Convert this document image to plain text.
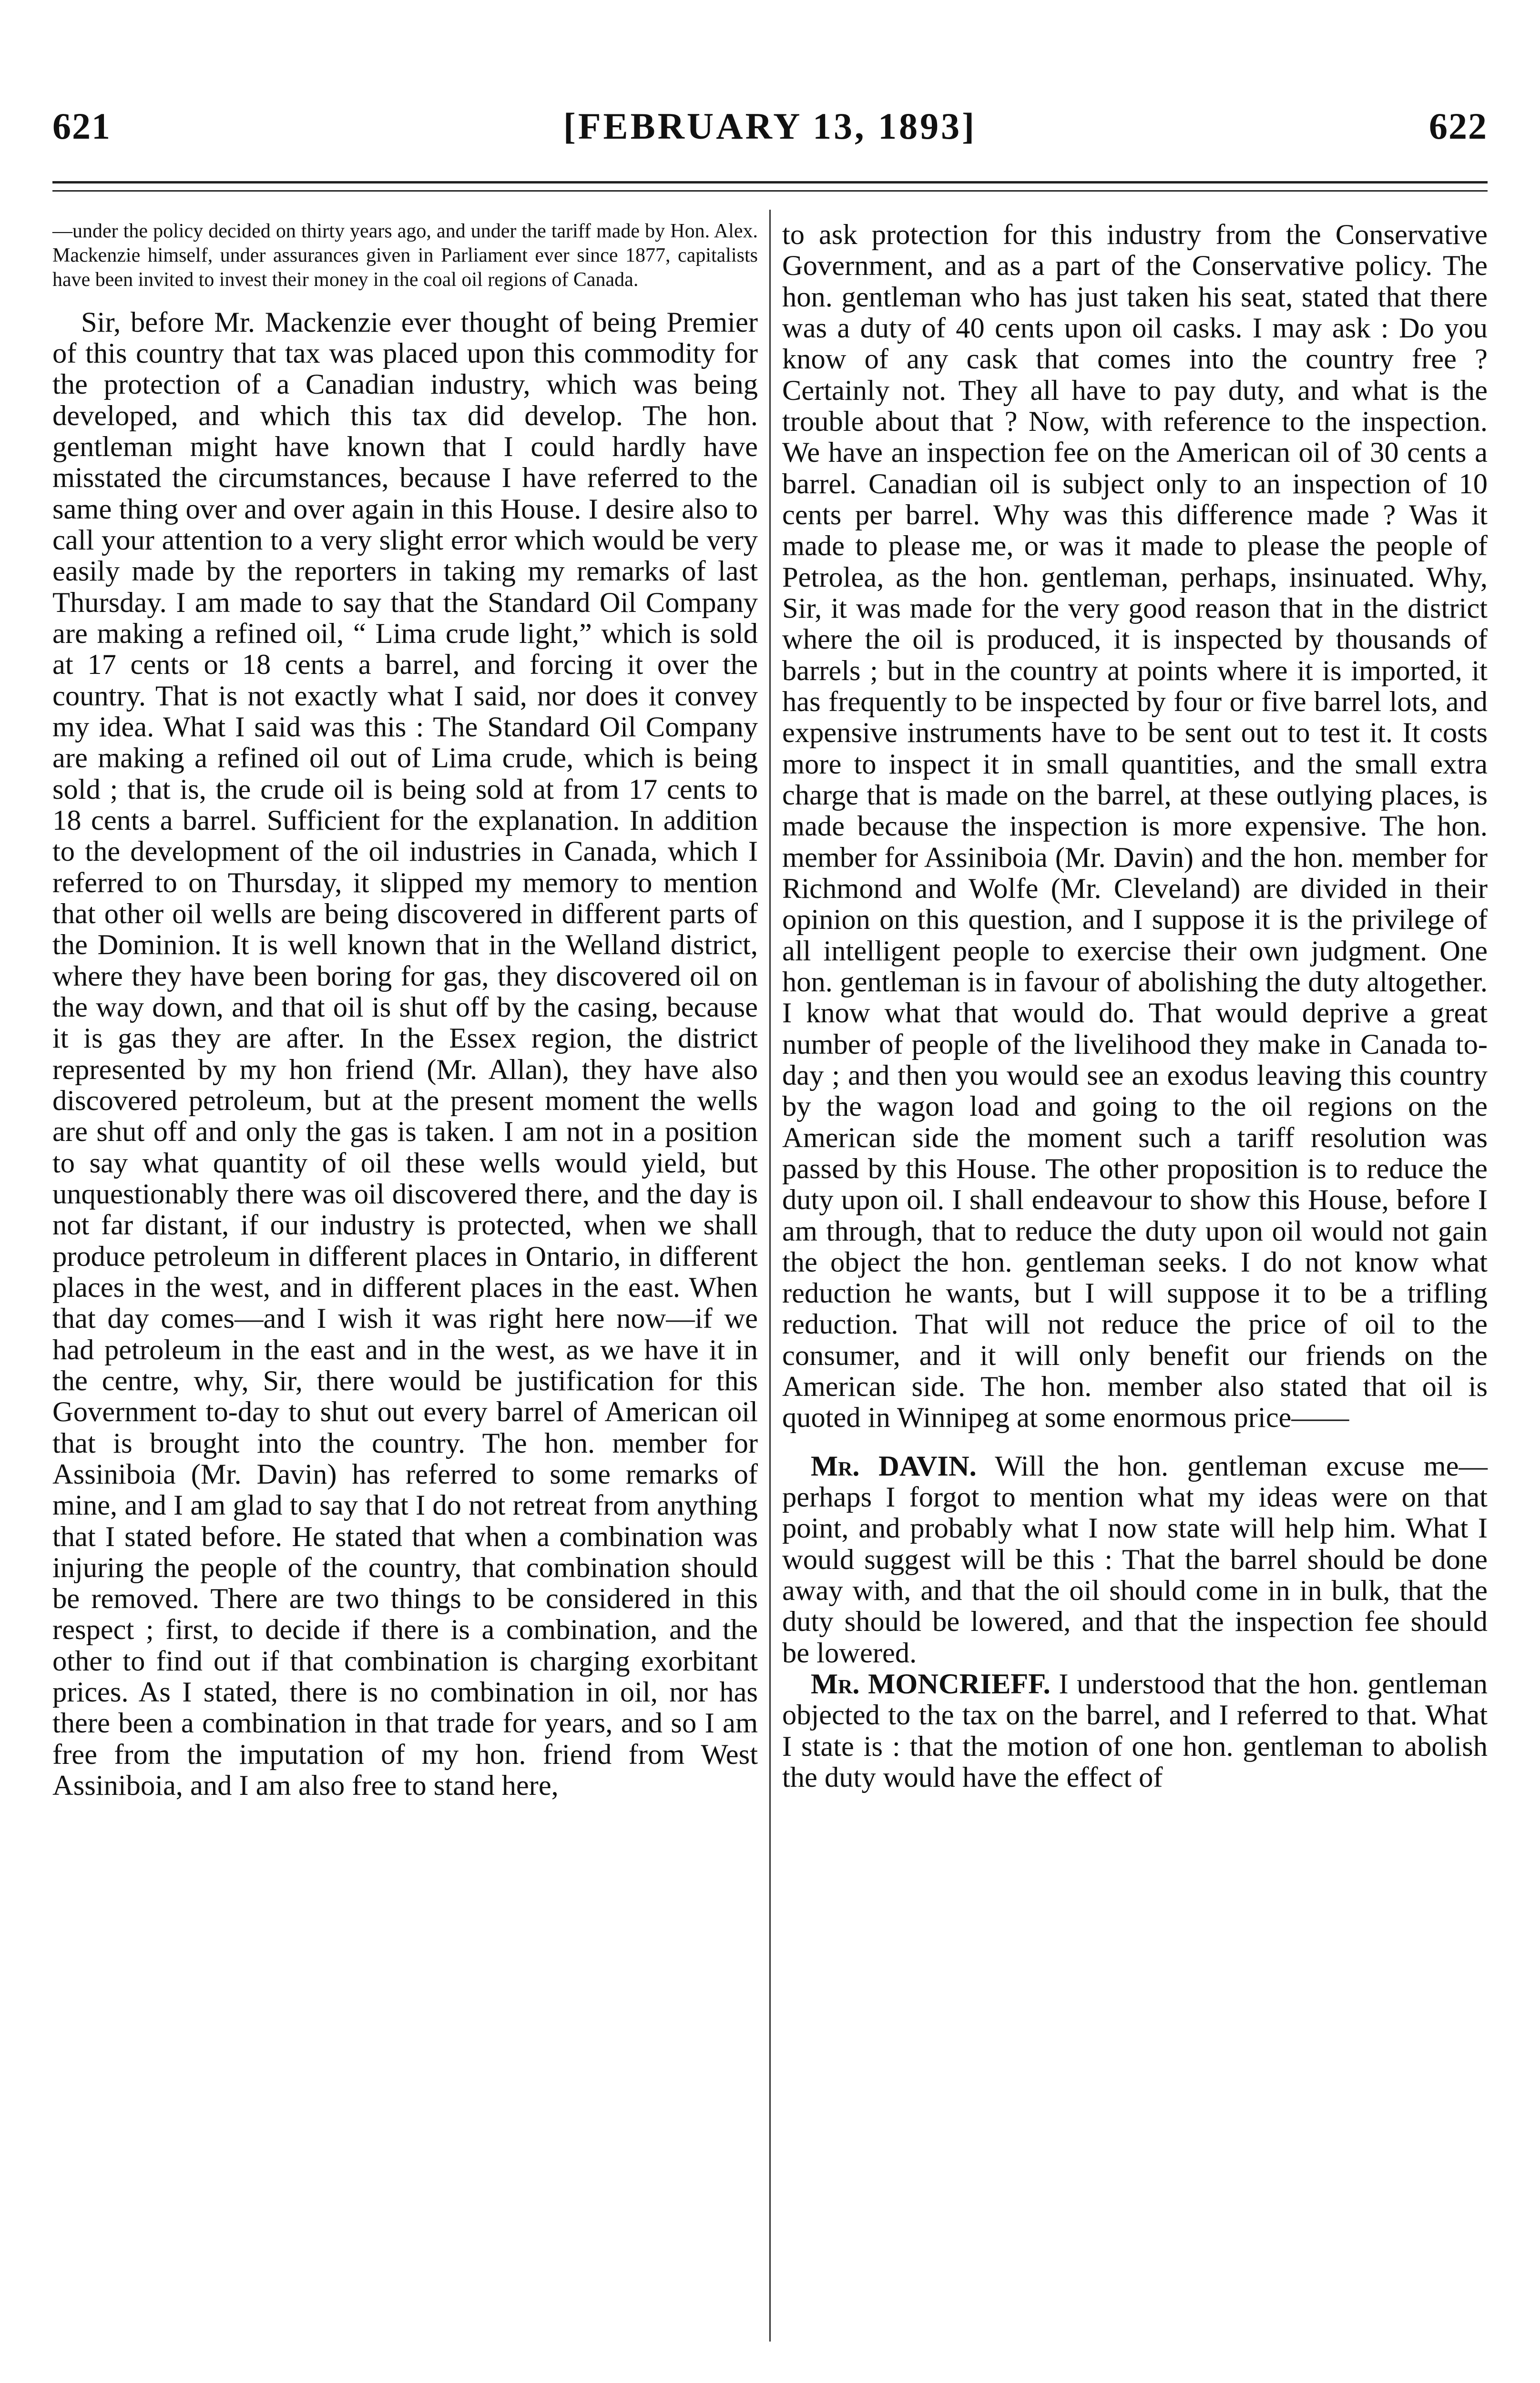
621	[FEBRUARY 13, 1893]	622

—under the policy decided on thirty years ago, and under the tariff made by Hon. Alex. Mackenzie himself, under assurances given in Parliament ever since 1877, capitalists have been invited to invest their money in the coal oil regions of Canada.

Sir, before Mr. Mackenzie ever thought of being Premier of this country that tax was placed upon this commodity for the protection of a Canadian industry, which was being developed, and which this tax did develop. The hon. gentleman might have known that I could hardly have misstated the circumstances, because I have referred to the same thing over and over again in this House. I desire also to call your attention to a very slight error which would be very easily made by the reporters in taking my remarks of last Thursday. I am made to say that the Standard Oil Company are making a refined oil, “ Lima crude light,” which is sold at 17 cents or 18 cents a barrel, and forcing it over the country. That is not exactly what I said, nor does it convey my idea. What I said was this : The Standard Oil Company are making a refined oil out of Lima crude, which is being sold ; that is, the crude oil is being sold at from 17 cents to 18 cents a barrel. Sufficient for the explanation. In addition to the development of the oil industries in Canada, which I referred to on Thursday, it slipped my memory to mention that other oil wells are being discovered in different parts of the Dominion. It is well known that in the Welland district, where they have been boring for gas, they discovered oil on the way down, and that oil is shut off by the casing, because it is gas they are after. In the Essex region, the district represented by my hon friend (Mr. Allan), they have also discovered petroleum, but at the present moment the wells are shut off and only the gas is taken. I am not in a position to say what quantity of oil these wells would yield, but unquestionably there was oil discovered there, and the day is not far distant, if our industry is protected, when we shall produce petroleum in different places in Ontario, in different places in the west, and in different places in the east. When that day comes—and I wish it was right here now—if we had petroleum in the east and in the west, as we have it in the centre, why, Sir, there would be justification for this Government to-day to shut out every barrel of American oil that is brought into the country. The hon. member for Assiniboia (Mr. Davin) has referred to some remarks of mine, and I am glad to say that I do not retreat from anything that I stated before. He stated that when a combination was injuring the people of the country, that combination should be removed. There are two things to be considered in this respect ; first, to decide if there is a combination, and the other to find out if that combination is charging exorbitant prices. As I stated, there is no combination in oil, nor has there been a combination in that trade for years, and so I am free from the imputation of my hon. friend from West Assiniboia, and I am also free to stand here,

to ask protection for this industry from the Conservative Government, and as a part of the Conservative policy. The hon. gentleman who has just taken his seat, stated that there was a duty of 40 cents upon oil casks. I may ask : Do you know of any cask that comes into the country free ? Certainly not. They all have to pay duty, and what is the trouble about that ? Now, with reference to the inspection. We have an inspection fee on the American oil of 30 cents a barrel. Canadian oil is subject only to an inspection of 10 cents per barrel. Why was this difference made ? Was it made to please me, or was it made to please the people of Petrolea, as the hon. gentleman, perhaps, insinuated. Why, Sir, it was made for the very good reason that in the district where the oil is produced, it is inspected by thousands of barrels ; but in the country at points where it is imported, it has frequently to be inspected by four or five barrel lots, and expensive instruments have to be sent out to test it. It costs more to inspect it in small quantities, and the small extra charge that is made on the barrel, at these outlying places, is made because the inspection is more expensive. The hon. member for Assiniboia (Mr. Davin) and the hon. member for Richmond and Wolfe (Mr. Cleveland) are divided in their opinion on this question, and I suppose it is the privilege of all intelligent people to exercise their own judgment. One hon. gentleman is in favour of abolishing the duty altogether. I know what that would do. That would deprive a great number of people of the livelihood they make in Canada to-day ; and then you would see an exodus leaving this country by the wagon load and going to the oil regions on the American side the moment such a tariff resolution was passed by this House. The other proposition is to reduce the duty upon oil. I shall endeavour to show this House, before I am through, that to reduce the duty upon oil would not gain the object the hon. gentleman seeks. I do not know what reduction he wants, but I will suppose it to be a trifling reduction. That will not reduce the price of oil to the consumer, and it will only benefit our friends on the American side. The hon. member also stated that oil is quoted in Winnipeg at some enormous price——

Mr. DAVIN. Will the hon. gentleman excuse me—perhaps I forgot to mention what my ideas were on that point, and probably what I now state will help him. What I would suggest will be this : That the barrel should be done away with, and that the oil should come in in bulk, that the duty should be lowered, and that the inspection fee should be lowered.

Mr. MONCRIEFF. I understood that the hon. gentleman objected to the tax on the barrel, and I referred to that. What I state is : that the motion of one hon. gentleman to abolish the duty would have the effect of
